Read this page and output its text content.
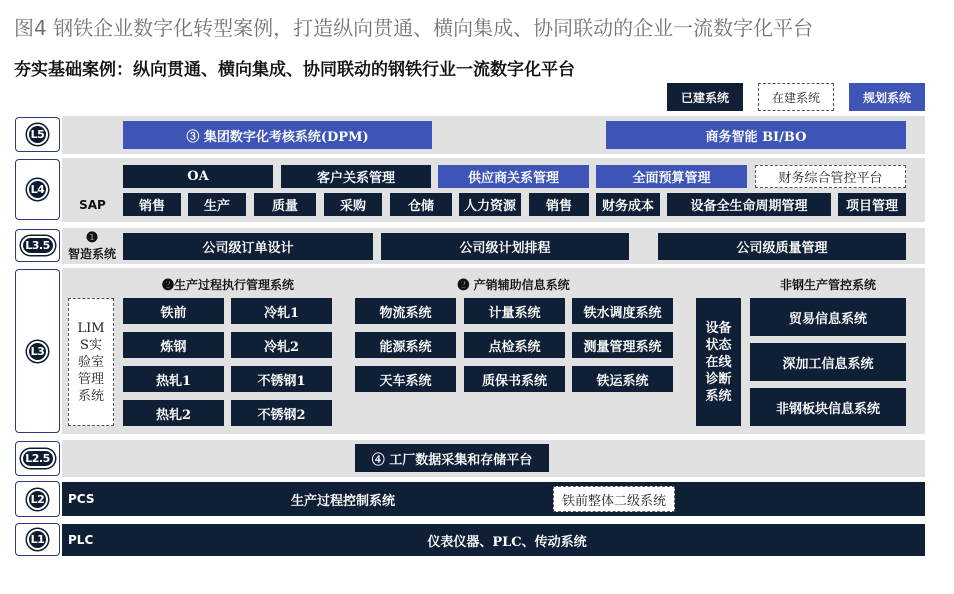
图4 钢铁企业数字化转型案例，打造纵向贯通、横向集成、协同联动的企业一流数字化平台
夯实基础案例：纵向贯通、横向集成、协同联动的钢铁行业一流数字化平台
已建系统	在建系统	规划系统
L5	③ 集团数字化考核系统(DPM)	商务智能 BI/BO
L4
OA	客户关系管理	供应商关系管理	全面预算管理	财务综合管控平台
SAP	销售	生产	质量	采购	仓储	人力资源	销售	财务成本	设备全生命周期管理	项目管理
L3.5	❶
智造系统	公司级订单设计	公司级计划排程	公司级质量管理
L3
LIMS实验室管理系统
❷生产过程执行管理系统
铁前	冷轧1
炼钢	冷轧2
热轧1	不锈钢1
热轧2	不锈钢2
❷ 产销辅助信息系统
物流系统	计量系统	铁水调度系统
能源系统	点检系统	测量管理系统
天车系统	质保书系统	铁运系统
设备状态在线诊断系统
非钢生产管控系统
贸易信息系统
深加工信息系统
非钢板块信息系统
L2.5	④ 工厂数据采集和存储平台
L2	PCS	生产过程控制系统	铁前整体二级系统
L1	PLC	仪表仪器、PLC、传动系统
